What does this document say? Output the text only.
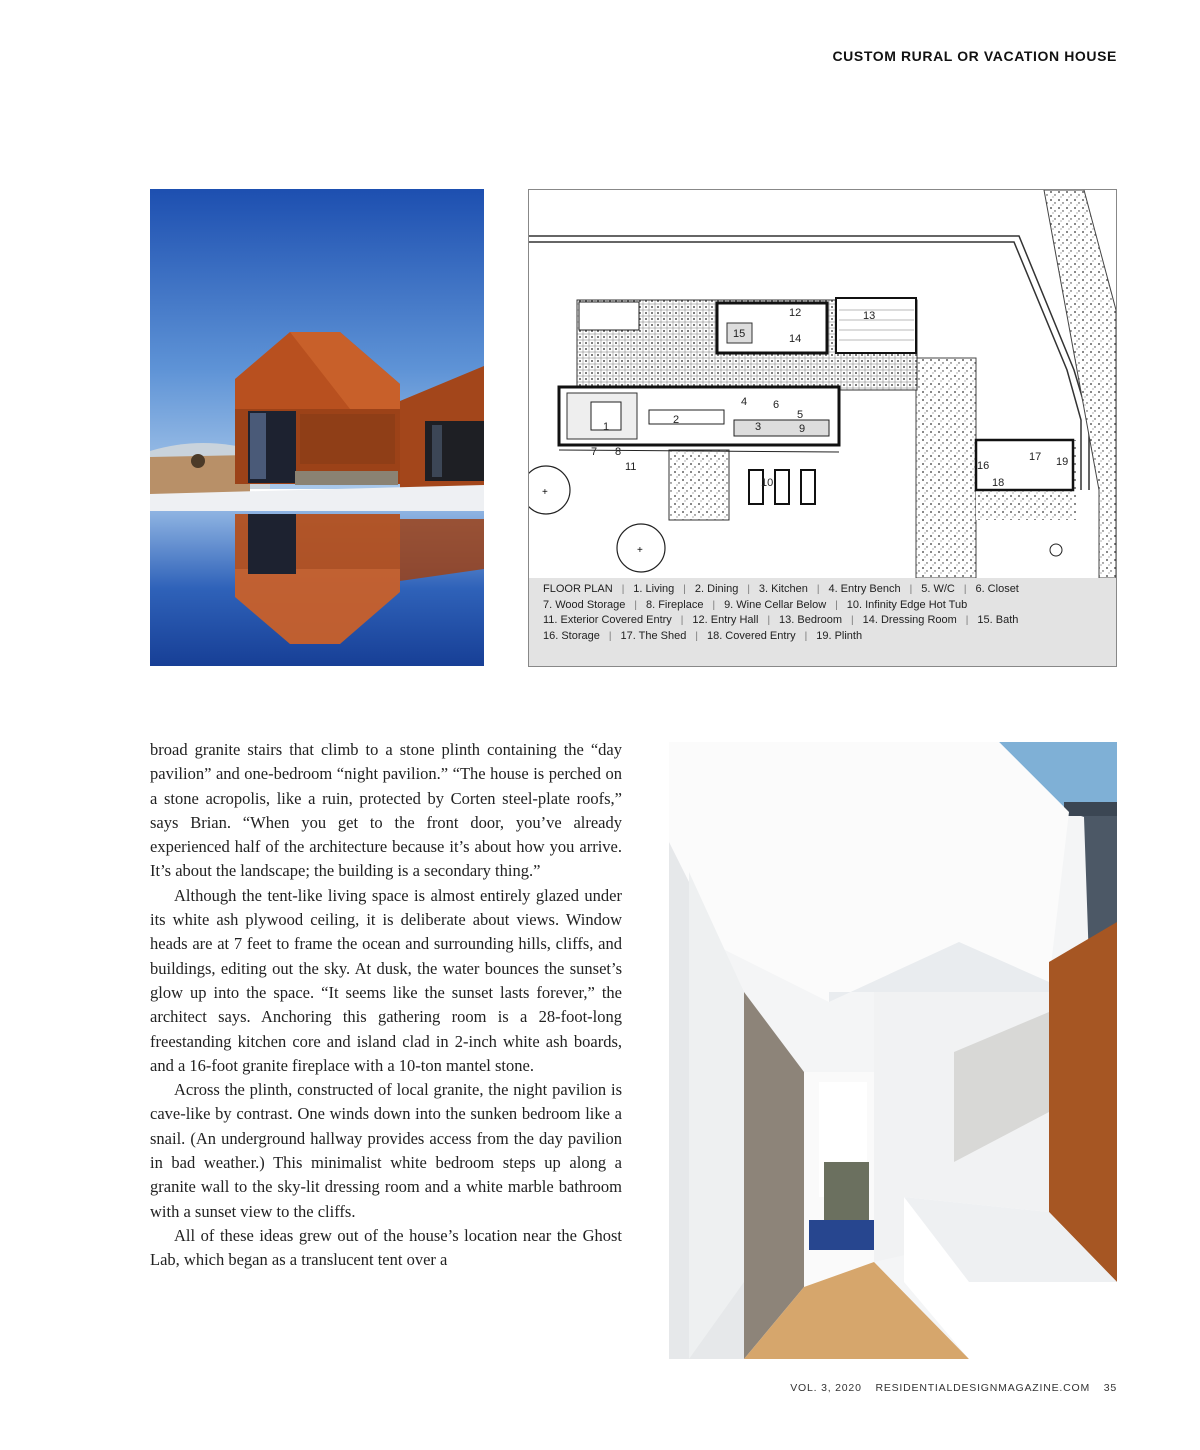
CUSTOM RURAL OR VACATION HOUSE
+
+
1
2
3
4
5
6
7 8
9
10
11
12	13
14
15
16
17
18
19
FLOOR PLAN | 1. Living | 2. Dining | 3. Kitchen | 4. Entry Bench | 5. W/C | 6. Closet
7. Wood Storage | 8. Fireplace | 9. Wine Cellar Below | 10. Infinity Edge Hot Tub
11. Exterior Covered Entry | 12. Entry Hall | 13. Bedroom | 14. Dressing Room | 15. Bath
16. Storage | 17. The Shed | 18. Covered Entry | 19. Plinth

broad granite stairs that climb to a stone plinth containing the “day pavilion” and one-bedroom “night pavilion.” “The house is perched on a stone acropolis, like a ruin, protected by Corten steel-plate roofs,” says Brian. “When you get to the front door, you’ve already experienced half of the architecture because it’s about how you arrive. It’s about the landscape; the building is a secondary thing.”

Although the tent-like living space is almost entirely glazed under its white ash plywood ceiling, it is deliberate about views. Window heads are at 7 feet to frame the ocean and surrounding hills, cliffs, and buildings, editing out the sky. At dusk, the water bounces the sunset’s glow up into the space. “It seems like the sunset lasts forever,” the architect says. Anchoring this gathering room is a 28-foot-long freestanding kitchen core and island clad in 2-inch white ash boards, and a 16-foot granite fireplace with a 10-ton mantel stone.

Across the plinth, constructed of local granite, the night pavilion is cave-like by contrast. One winds down into the sunken bedroom like a snail. (An underground hallway provides access from the day pavilion in bad weather.) This minimalist white bedroom steps up along a granite wall to the sky-lit dressing room and a white marble bathroom with a sunset view to the cliffs.

All of these ideas grew out of the house’s location near the Ghost Lab, which began as a translucent tent over a

VOL. 3, 2020 RESIDENTIALDESIGNMAGAZINE.COM 35
